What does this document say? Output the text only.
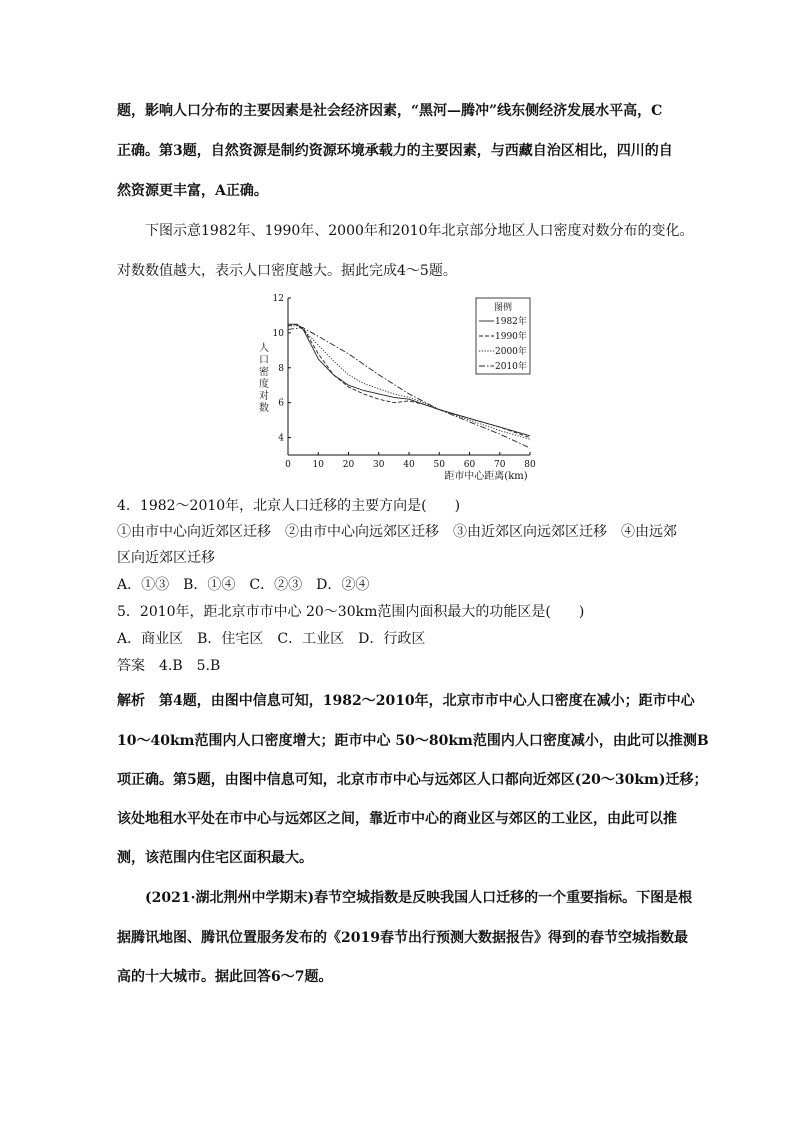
题，影响人口分布的主要因素是社会经济因素，“黑河—腾冲”线东侧经济发展水平高，C
正确。第3题，自然资源是制约资源环境承载力的主要因素，与西藏自治区相比，四川的自
然资源更丰富，A正确。
下图示意1982年、1990年、2000年和2010年北京部分地区人口密度对数分布的变化。
对数数值越大，表示人口密度越大。据此完成4～5题。
0 10 20 30 40 50 60 70 80
4
6
8
10
12
图例
1982年
1990年
2000年
2010年
人
口
密
度
对
数
距市中心距离(km)
4．1982～2010年，北京人口迁移的主要方向是(　　)
①由市中心向近郊区迁移　②由市中心向远郊区迁移　③由近郊区向远郊区迁移　④由远郊
区向近郊区迁移
A．①③　B．①④　C．②③　D．②④
5．2010年，距北京市市中心 20～30km范围内面积最大的功能区是(　　)
A．商业区　B．住宅区　C．工业区　D．行政区
答案　4.B　5.B
解析　第4题，由图中信息可知，1982～2010年，北京市市中心人口密度在减小；距市中心
10～40km范围内人口密度增大；距市中心 50～80km范围内人口密度减小，由此可以推测B
项正确。第5题，由图中信息可知，北京市市中心与远郊区人口都向近郊区(20～30km)迁移；
该处地租水平处在市中心与远郊区之间，靠近市中心的商业区与郊区的工业区，由此可以推
测，该范围内住宅区面积最大。
(2021·湖北荆州中学期末)春节空城指数是反映我国人口迁移的一个重要指标。下图是根
据腾讯地图、腾讯位置服务发布的《2019春节出行预测大数据报告》得到的春节空城指数最
高的十大城市。据此回答6～7题。
